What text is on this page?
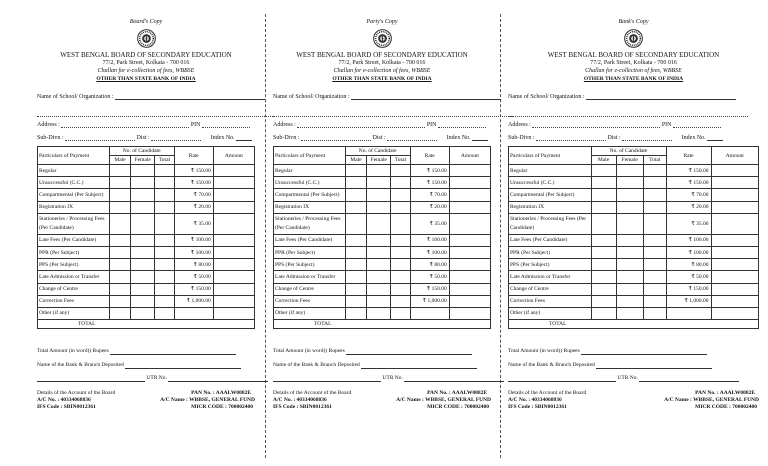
Board's Copy
WEST BENGAL BOARD OF SECONDARY EDUCATION
77/2, Park Street, Kolkata - 700 016
Challan for e-collection of fees, WBBSE
OTHER THAN STATE BANK OF INDIA
Name of School/ Organization :
Address :	PIN
Sub-Divn :	Dist :	Index No.
Particulars of Payment	No. of Candidate			Rate	Amount
	Male	Female	Total		
Regular				₹ 150.00	
Unsuccessful (C.C.)				₹ 150.00	
Compartmental (Per Subject)				₹ 70.00	
Registration IX				₹ 20.00	
Stationeries / Processing Fees (Per Candidate)				₹ 35.00	
Late Fees (Per Candidate)				₹ 100.00	
PPR (Per Subject)				₹ 100.00	
PPS (Per Subject)				₹ 80.00	
Late Admission or Transfer				₹ 50.00	
Change of Centre				₹ 150.00	
Correction Fees				₹ 1,000.00	
Other (if any)					
TOTAL					
Total Amount (in word)) Rupees
Name of the Bank & Branch Deposited
UTR No.
Details of the Account of the Board	PAN No. : AAALW0082E
A/C No. : 40334068836	A/C Name : WBBSE, GENERAL FUND
IFS Code : SBIN0012361	MICR CODE : 700002400
Party's Copy
WEST BENGAL BOARD OF SECONDARY EDUCATION
77/2, Park Street, Kolkata - 700 016
Challan for e-collection of fees, WBBSE
OTHER THAN STATE BANK OF INDIA
Name of School/ Organization :
Address :	PIN
Sub-Divn :	Dist :	Index No.
Particulars of Payment	No. of Candidate			Rate	Amount
	Male	Female	Total		
Regular				₹ 150.00	
Unsuccessful (C.C.)				₹ 150.00	
Compartmental (Per Subject)				₹ 70.00	
Registration IX				₹ 20.00	
Stationeries / Processing Fees (Per Candidate)				₹ 35.00	
Late Fees (Per Candidate)				₹ 100.00	
PPR (Per Subject)				₹ 100.00	
PPS (Per Subject)				₹ 80.00	
Late Admission or Transfer				₹ 50.00	
Change of Centre				₹ 150.00	
Correction Fees				₹ 1,000.00	
Other (if any)					
TOTAL					
Total Amount (in word)) Rupees
Name of the Bank & Branch Deposited
UTR No.
Details of the Account of the Board	PAN No. : AAALW0082E
A/C No. : 40334068836	A/C Name : WBBSE, GENERAL FUND
IFS Code : SBIN0012361	MICR CODE : 700002400
Bank's Copy
WEST BENGAL BOARD OF SECONDARY EDUCATION
77/2, Park Street, Kolkata - 700 016
Challan for e-collection of fees, WBBSE
OTHER THAN STATE BANK OF INDIA
Name of School/ Organization :
Address :	PIN
Sub-Divn :	Dist :	Index No.
Particulars of Payment	No. of Candidate			Rate	Amount
	Male	Female	Total		
Regular				₹ 150.00	
Unsuccessful (C.C.)				₹ 150.00	
Compartmental (Per Subject)				₹ 70.00	
Registration IX				₹ 20.00	
Stationeries / Processing Fees (Per Candidate)				₹ 35.00	
Late Fees (Per Candidate)				₹ 100.00	
PPR (Per Subject)				₹ 100.00	
PPS (Per Subject)				₹ 80.00	
Late Admission or Transfer				₹ 50.00	
Change of Centre				₹ 150.00	
Correction Fees				₹ 1,000.00	
Other (if any)					
TOTAL					
Total Amount (in word)) Rupees
Name of the Bank & Branch Deposited
UTR No.
Details of the Account of the Board	PAN No. : AAALW0082E
A/C No. : 40334068836	A/C Name : WBBSE, GENERAL FUND
IFS Code : SBIN0012361	MICR CODE : 700002400
